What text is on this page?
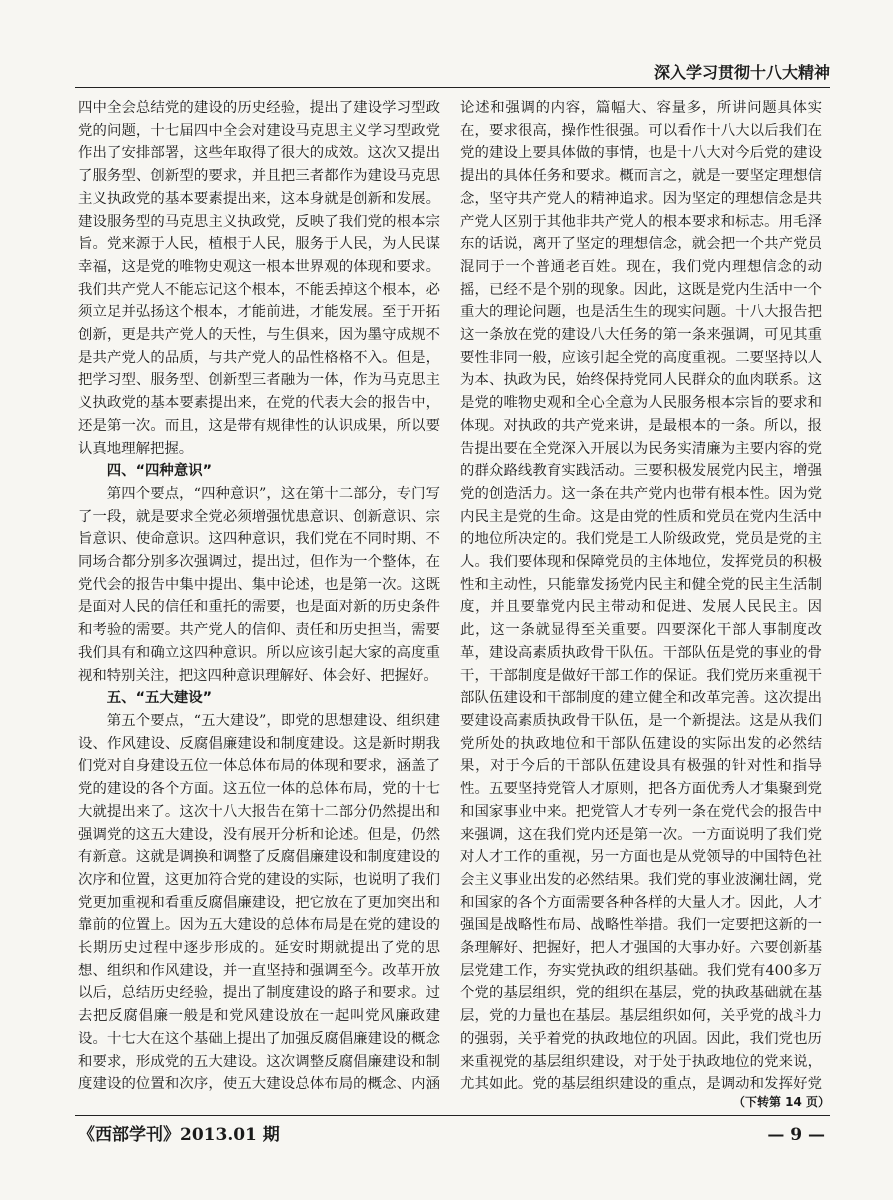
深入学习贯彻十八大精神

四中全会总结党的建设的历史经验，提出了建设学习型政党的问题，十七届四中全会对建设马克思主义学习型政党作出了安排部署，这些年取得了很大的成效。这次又提出了服务型、创新型的要求，并且把三者都作为建设马克思主义执政党的基本要素提出来，这本身就是创新和发展。建设服务型的马克思主义执政党，反映了我们党的根本宗旨。党来源于人民，植根于人民，服务于人民，为人民谋幸福，这是党的唯物史观这一根本世界观的体现和要求。我们共产党人不能忘记这个根本，不能丢掉这个根本，必须立足并弘扬这个根本，才能前进，才能发展。至于开拓创新，更是共产党人的天性，与生俱来，因为墨守成规不是共产党人的品质，与共产党人的品性格格不入。但是，把学习型、服务型、创新型三者融为一体，作为马克思主义执政党的基本要素提出来，在党的代表大会的报告中，还是第一次。而且，这是带有规律性的认识成果，所以要认真地理解把握。

四、“四种意识”

第四个要点，“四种意识”，这在第十二部分，专门写了一段，就是要求全党必须增强忧患意识、创新意识、宗旨意识、使命意识。这四种意识，我们党在不同时期、不同场合都分别多次强调过，提出过，但作为一个整体，在党代会的报告中集中提出、集中论述，也是第一次。这既是面对人民的信任和重托的需要，也是面对新的历史条件和考验的需要。共产党人的信仰、责任和历史担当，需要我们具有和确立这四种意识。所以应该引起大家的高度重视和特别关注，把这四种意识理解好、体会好、把握好。

五、“五大建设”

第五个要点，“五大建设”，即党的思想建设、组织建设、作风建设、反腐倡廉建设和制度建设。这是新时期我们党对自身建设五位一体总体布局的体现和要求，涵盖了党的建设的各个方面。这五位一体的总体布局，党的十七大就提出来了。这次十八大报告在第十二部分仍然提出和强调党的这五大建设，没有展开分析和论述。但是，仍然有新意。这就是调换和调整了反腐倡廉建设和制度建设的次序和位置，这更加符合党的建设的实际，也说明了我们党更加重视和看重反腐倡廉建设，把它放在了更加突出和靠前的位置上。因为五大建设的总体布局是在党的建设的长期历史过程中逐步形成的。延安时期就提出了党的思想、组织和作风建设，并一直坚持和强调至今。改革开放以后，总结历史经验，提出了制度建设的路子和要求。过去把反腐倡廉一般是和党风建设放在一起叫党风廉政建设。十七大在这个基础上提出了加强反腐倡廉建设的概念和要求，形成党的五大建设。这次调整反腐倡廉建设和制度建设的位置和次序，使五大建设总体布局的概念、内涵

论述和强调的内容，篇幅大、容量多，所讲问题具体实在，要求很高，操作性很强。可以看作十八大以后我们在党的建设上要具体做的事情，也是十八大对今后党的建设提出的具体任务和要求。概而言之，就是一要坚定理想信念，坚守共产党人的精神追求。因为坚定的理想信念是共产党人区别于其他非共产党人的根本要求和标志。用毛泽东的话说，离开了坚定的理想信念，就会把一个共产党员混同于一个普通老百姓。现在，我们党内理想信念的动摇，已经不是个别的现象。因此，这既是党内生活中一个重大的理论问题，也是活生生的现实问题。十八大报告把这一条放在党的建设八大任务的第一条来强调，可见其重要性非同一般，应该引起全党的高度重视。二要坚持以人为本、执政为民，始终保持党同人民群众的血肉联系。这是党的唯物史观和全心全意为人民服务根本宗旨的要求和体现。对执政的共产党来讲，是最根本的一条。所以，报告提出要在全党深入开展以为民务实清廉为主要内容的党的群众路线教育实践活动。三要积极发展党内民主，增强党的创造活力。这一条在共产党内也带有根本性。因为党内民主是党的生命。这是由党的性质和党员在党内生活中的地位所决定的。我们党是工人阶级政党，党员是党的主人。我们要体现和保障党员的主体地位，发挥党员的积极性和主动性，只能靠发扬党内民主和健全党的民主生活制度，并且要靠党内民主带动和促进、发展人民民主。因此，这一条就显得至关重要。四要深化干部人事制度改革，建设高素质执政骨干队伍。干部队伍是党的事业的骨干，干部制度是做好干部工作的保证。我们党历来重视干部队伍建设和干部制度的建立健全和改革完善。这次提出要建设高素质执政骨干队伍，是一个新提法。这是从我们党所处的执政地位和干部队伍建设的实际出发的必然结果，对于今后的干部队伍建设具有极强的针对性和指导性。五要坚持党管人才原则，把各方面优秀人才集聚到党和国家事业中来。把党管人才专列一条在党代会的报告中来强调，这在我们党内还是第一次。一方面说明了我们党对人才工作的重视，另一方面也是从党领导的中国特色社会主义事业出发的必然结果。我们党的事业波澜壮阔，党和国家的各个方面需要各种各样的大量人才。因此，人才强国是战略性布局、战略性举措。我们一定要把这新的一条理解好、把握好，把人才强国的大事办好。六要创新基层党建工作，夯实党执政的组织基础。我们党有400多万个党的基层组织，党的组织在基层，党的执政基础就在基层，党的力量也在基层。基层组织如何，关乎党的战斗力的强弱，关乎着党的执政地位的巩固。因此，我们党也历来重视党的基层组织建设，对于处于执政地位的党来说，尤其如此。党的基层组织建设的重点，是调动和发挥好党

（下转第 14 页）
《西部学刊》2013.01 期	— 9 —
